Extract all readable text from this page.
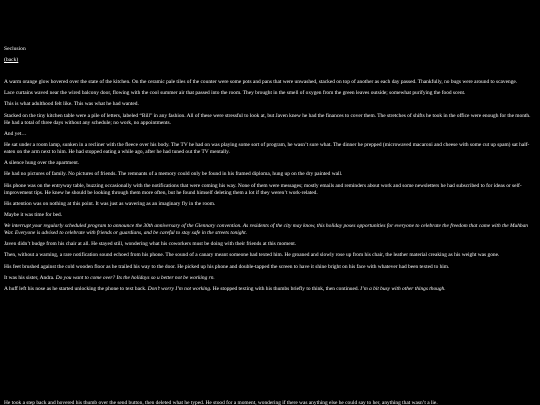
Seclusion
(back)
A warm orange glow hovered over the state of the kitchen. On the ceramic pale tiles of the counter were some pots and pans that were unwashed, stacked on top of another as each day passed. Thankfully, no bugs were around to scavenge.
Lace curtains waved near the wired balcony door, flowing with the cool summer air that passed into the room. They brought in the smell of oxygen from the green leaves outside; somewhat purifying the food scent.
This is what adulthood felt like. This was what he had wanted.
Stacked on the tiny kitchen table were a pile of letters, labeled “Bill” in any fashion. All of these were stressful to look at, but Javen knew he had the finances to cover them. The stretches of shifts he took in the office were enough for the month. He had a total of three days without any schedule; no work, no appointments.
And yet…
He sat under a room lamp, sunken in a recliner with the fleece over his body. The TV he had on was playing some sort of program, he wasn’t sure what. The dinner he prepped (microwaved macaroni and cheese with some cut up spam) sat half-eaten on the arm next to him. He had stopped eating a while ago, after he had tuned out the TV mentally.
A silence hung over the apartment.
He had no pictures of family. No pictures of friends. The remnants of a memory could only be found in his framed diploma, hung up on the dry painted wall.
His phone was on the entryway table, buzzing occasionally with the notifications that were coming his way. None of them were messages; mostly emails and reminders about work and some newsletters he had subscribed to for ideas or self-improvement tips. He knew he should be looking through them more often, but he found himself deleting them a lot if they weren’t work-related.
His attention was on nothing at this point. It was just as wavering as an imaginary fly in the room.
Maybe it was time for bed.
We interrupt your regularly scheduled program to announce the 30th anniversary of the Glennary convention. As residents of the city may know, this holiday poses opportunities for everyone to celebrate the freedom that came with the Muhban War. Everyone is advised to celebrate with friends or guardians, and be careful to stay safe in the streets tonight.
Javen didn’t budge from his chair at all. He stayed still, wondering what his coworkers must be doing with their friends at this moment.
Then, without a warning, a rare notification sound echoed from his phone. The sound of a canary meant someone had texted him. He groaned and slowly rose up from his chair, the leather material creaking as his weight was gone.
His feet brushed against the cold wooden floor as he trailed his way to the door. He picked up his phone and double-tapped the screen to have it shine bright on his face with whatever had been texted to him.
It was his sister, Andra. Do you want to come over? Its the holidays so u better not be working rn.
A huff left his nose as he started unlocking the phone to text back. Don’t worry I’m not working. He stopped texting with his thumbs briefly to think, then continued. I’m a bit busy with other things though.
He took a step back and hovered his thumb over the send button, then deleted what he typed. He stood for a moment, wondering if there was anything else he could say to her, anything that wasn’t a lie.
